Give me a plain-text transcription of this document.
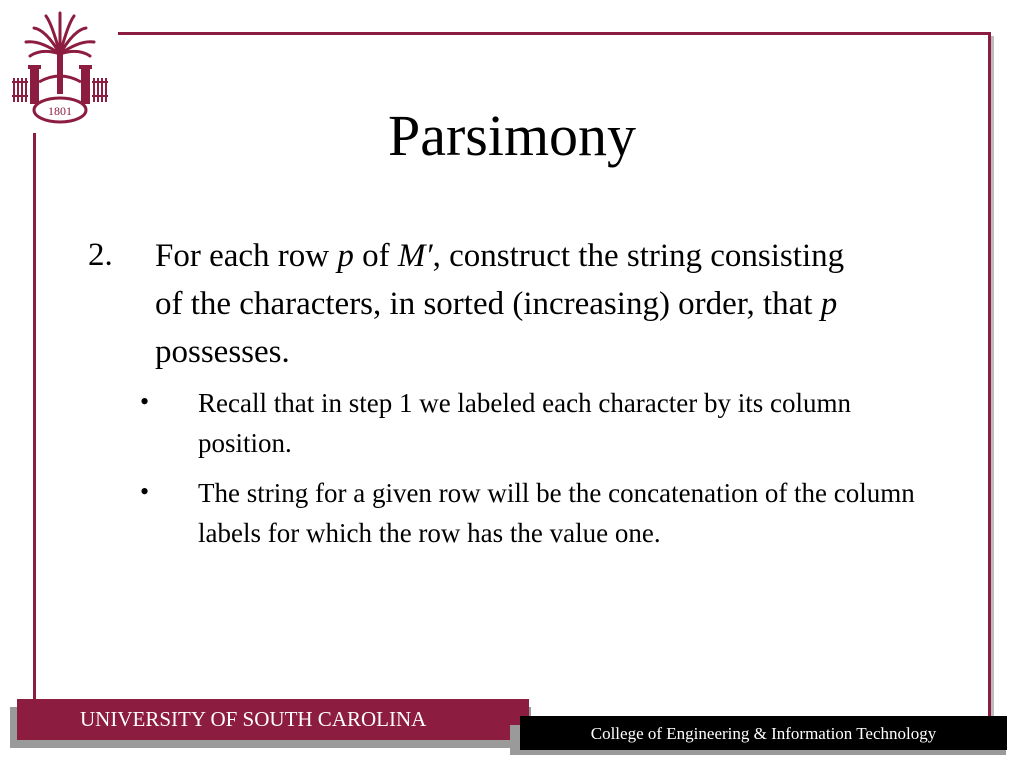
1801	Parsimony
2. For each row p of M′, construct the string consisting of the characters, in sorted (increasing) order, that p possesses.
• Recall that in step 1 we labeled each character by its column position.
• The string for a given row will be the concatenation of the column labels for which the row has the value one.
UNIVERSITY OF SOUTH CAROLINA
College of Engineering & Information Technology
